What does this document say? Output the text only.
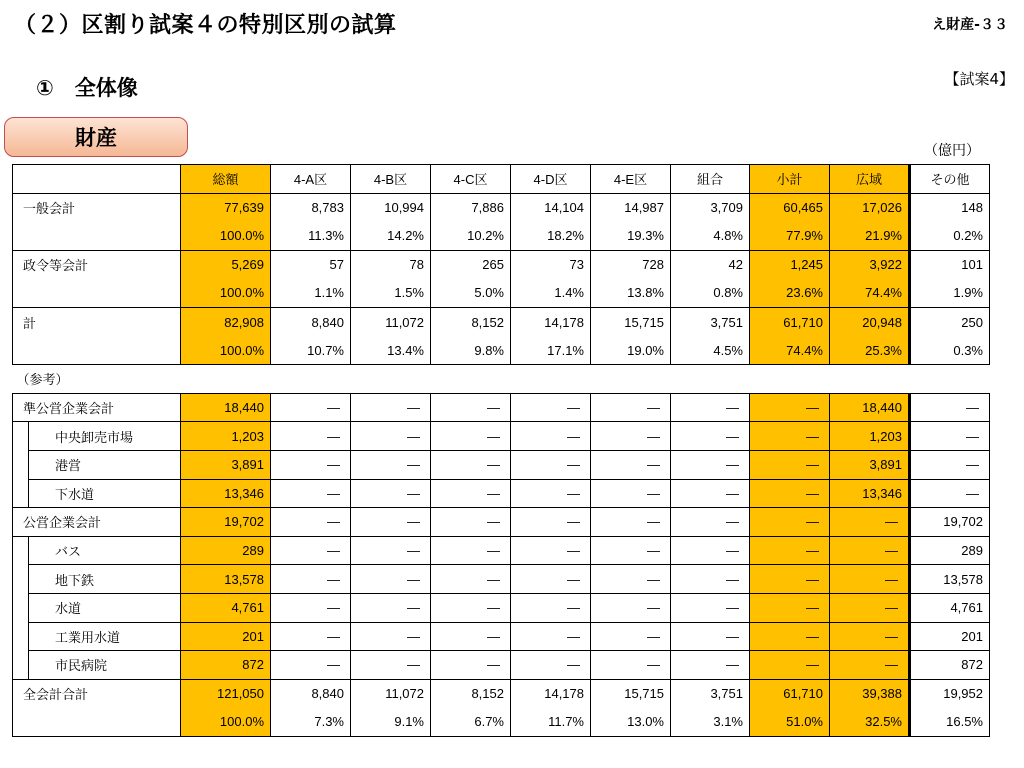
（２）区割り試案４の特別区別の試算	え財産-３３
①　全体像	【試案4】
財産
（億円）
		総額	4-A区	4-B区	4-C区	4-D区	4-E区	組合	小計	広域	その他
一般会計		77,639	8,783	10,994	7,886	14,104	14,987	3,709	60,465	17,026	148
		100.0%	11.3%	14.2%	10.2%	18.2%	19.3%	4.8%	77.9%	21.9%	0.2%
政令等会計		5,269	57	78	265	73	728	42	1,245	3,922	101
		100.0%	1.1%	1.5%	5.0%	1.4%	13.8%	0.8%	23.6%	74.4%	1.9%
計		82,908	8,840	11,072	8,152	14,178	15,715	3,751	61,710	20,948	250
		100.0%	10.7%	13.4%	9.8%	17.1%	19.0%	4.5%	74.4%	25.3%	0.3%
（参考）											
準公営企業会計		18,440	―	―	―	―	―	―	―	18,440	―
	中央卸売市場	1,203	―	―	―	―	―	―	―	1,203	―
	港営	3,891	―	―	―	―	―	―	―	3,891	―
	下水道	13,346	―	―	―	―	―	―	―	13,346	―
公営企業会計		19,702	―	―	―	―	―	―	―	―	19,702
	バス	289	―	―	―	―	―	―	―	―	289
	地下鉄	13,578	―	―	―	―	―	―	―	―	13,578
	水道	4,761	―	―	―	―	―	―	―	―	4,761
	工業用水道	201	―	―	―	―	―	―	―	―	201
	市民病院	872	―	―	―	―	―	―	―	―	872
全会計合計		121,050	8,840	11,072	8,152	14,178	15,715	3,751	61,710	39,388	19,952
		100.0%	7.3%	9.1%	6.7%	11.7%	13.0%	3.1%	51.0%	32.5%	16.5%
